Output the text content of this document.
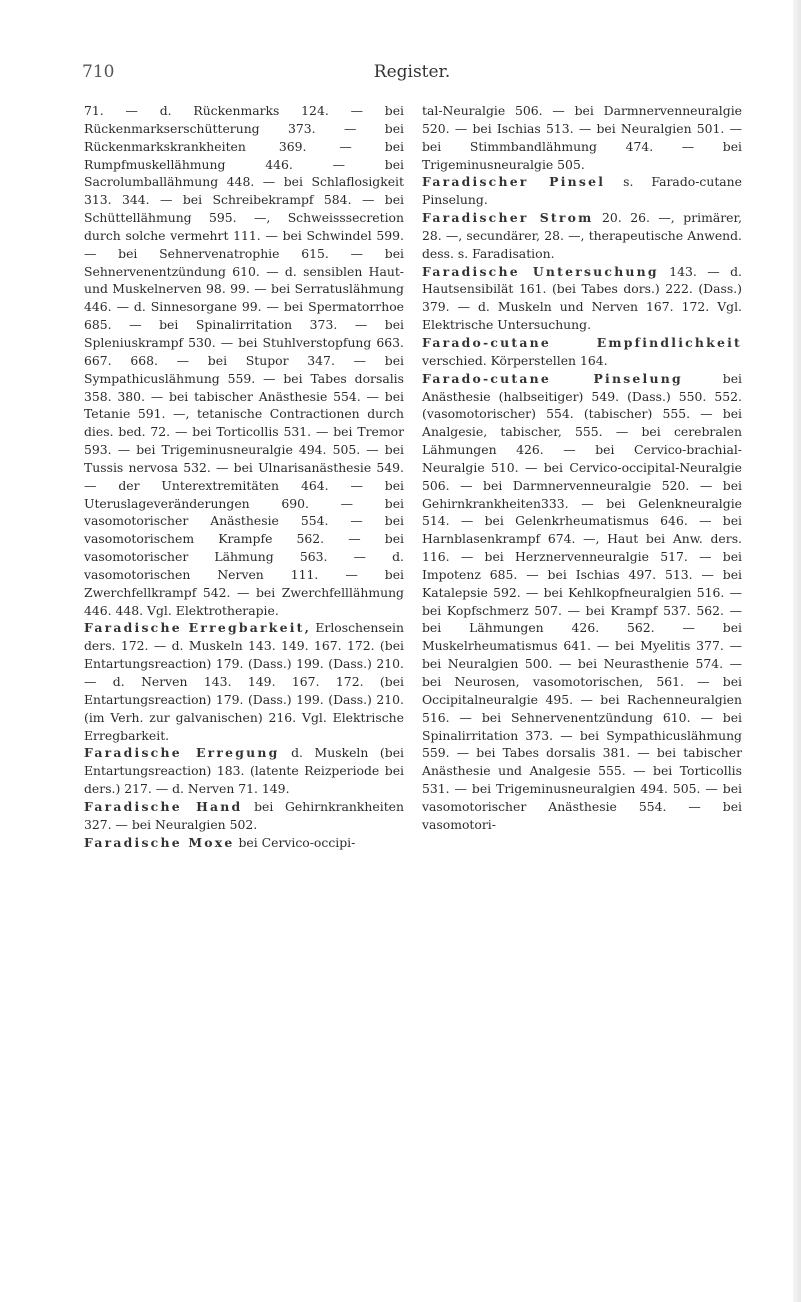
710	Register.

71. — d. Rückenmarks 124. — bei Rückenmarkserschütterung 373. — bei Rückenmarkskrankheiten 369. — bei Rumpfmuskellähmung 446. — bei Sacrolumballähmung 448. — bei Schlaflosigkeit 313. 344. — bei Schreibekrampf 584. — bei Schüttellähmung 595. —, Schweisssecretion durch solche vermehrt 111. — bei Schwindel 599. — bei Sehnervenatrophie 615. — bei Sehnervenentzündung 610. — d. sensiblen Haut- und Muskelnerven 98. 99. — bei Serratuslähmung 446. — d. Sinnesorgane 99. — bei Spermatorrhoe 685. — bei Spinalirritation 373. — bei Spleniuskrampf 530. — bei Stuhlverstopfung 663. 667. 668. — bei Stupor 347. — bei Sympathicuslähmung 559. — bei Tabes dorsalis 358. 380. — bei tabischer Anästhesie 554. — bei Tetanie 591. —, tetanische Contractionen durch dies. bed. 72. — bei Torticollis 531. — bei Tremor 593. — bei Trigeminusneuralgie 494. 505. — bei Tussis nervosa 532. — bei Ulnarisanästhesie 549. — der Unterextremitäten 464. — bei Uteruslageveränderungen 690. — bei vasomotorischer Anästhesie 554. — bei vasomotorischem Krampfe 562. — bei vasomotorischer Lähmung 563. — d. vasomotorischen Nerven 111. — bei Zwerchfellkrampf 542. — bei Zwerchfelllähmung 446. 448. Vgl. Elektrotherapie.

Faradische Erregbarkeit, Erloschensein ders. 172. — d. Muskeln 143. 149. 167. 172. (bei Entartungsreaction) 179. (Dass.) 199. (Dass.) 210. — d. Nerven 143. 149. 167. 172. (bei Entartungsreaction) 179. (Dass.) 199. (Dass.) 210. (im Verh. zur galvanischen) 216. Vgl. Elektrische Erregbarkeit.

Faradische Erregung d. Muskeln (bei Entartungsreaction) 183. (latente Reizperiode bei ders.) 217. — d. Nerven 71. 149.

Faradische Hand bei Gehirnkrankheiten 327. — bei Neuralgien 502.

Faradische Moxe bei Cervico-occipi-

tal-Neuralgie 506. — bei Darmnervenneuralgie 520. — bei Ischias 513. — bei Neuralgien 501. — bei Stimmbandlähmung 474. — bei Trigeminusneuralgie 505.

Faradischer Pinsel s. Farado-cutane Pinselung.

Faradischer Strom 20. 26. —, primärer, 28. —, secundärer, 28. —, therapeutische Anwend. dess. s. Faradisation.

Faradische Untersuchung 143. — d. Hautsensibilät 161. (bei Tabes dors.) 222. (Dass.) 379. — d. Muskeln und Nerven 167. 172. Vgl. Elektrische Untersuchung.

Farado-cutane Empfindlichkeit verschied. Körperstellen 164.

Farado-cutane Pinselung bei Anästhesie (halbseitiger) 549. (Dass.) 550. 552. (vasomotorischer) 554. (tabischer) 555. — bei Analgesie, tabischer, 555. — bei cerebralen Lähmungen 426. — bei Cervico-brachial-Neuralgie 510. — bei Cervico-occipital-Neuralgie 506. — bei Darmnervenneuralgie 520. — bei Gehirnkrankheiten333. — bei Gelenkneuralgie 514. — bei Gelenkrheumatismus 646. — bei Harnblasenkrampf 674. —, Haut bei Anw. ders. 116. — bei Herznervenneuralgie 517. — bei Impotenz 685. — bei Ischias 497. 513. — bei Katalepsie 592. — bei Kehlkopfneuralgien 516. — bei Kopfschmerz 507. — bei Krampf 537. 562. — bei Lähmungen 426. 562. — bei Muskelrheumatismus 641. — bei Myelitis 377. — bei Neuralgien 500. — bei Neurasthenie 574. — bei Neurosen, vasomotorischen, 561. — bei Occipitalneuralgie 495. — bei Rachenneuralgien 516. — bei Sehnervenentzündung 610. — bei Spinalirritation 373. — bei Sympathicuslähmung 559. — bei Tabes dorsalis 381. — bei tabischer Anästhesie und Analgesie 555. — bei Torticollis 531. — bei Trigeminusneuralgien 494. 505. — bei vasomotorischer Anästhesie 554. — bei vasomotori-
